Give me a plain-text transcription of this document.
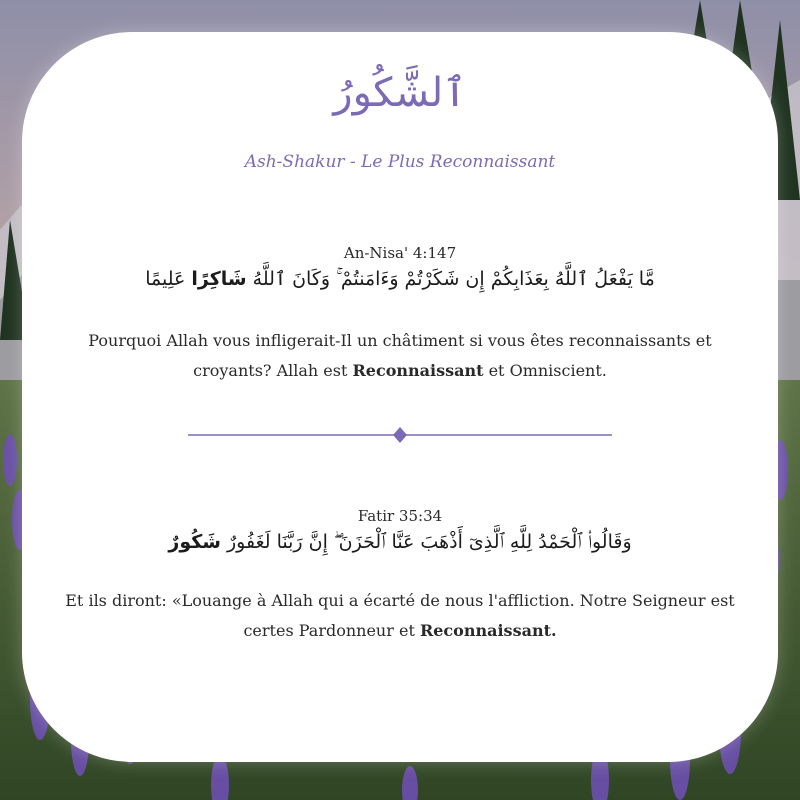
ٱلشَّكُورُ
Ash-Shakur - Le Plus Reconnaissant
An-Nisa' 4:147
مَّا يَفْعَلُ ٱللَّهُ بِعَذَابِكُمْ إِن شَكَرْتُمْ وَءَامَنتُمْ ۚ وَكَانَ ٱللَّهُ شَاكِرًا عَلِيمًا
Pourquoi Allah vous infligerait-Il un châtiment si vous êtes reconnaissants et croyants? Allah est Reconnaissant et Omniscient.
Fatir 35:34
وَقَالُوا۟ ٱلْحَمْدُ لِلَّهِ ٱلَّذِىٓ أَذْهَبَ عَنَّا ٱلْحَزَنَ ۖ إِنَّ رَبَّنَا لَغَفُورٌ شَكُورٌ
Et ils diront: «Louange à Allah qui a écarté de nous l'affliction. Notre Seigneur est certes Pardonneur et Reconnaissant.
